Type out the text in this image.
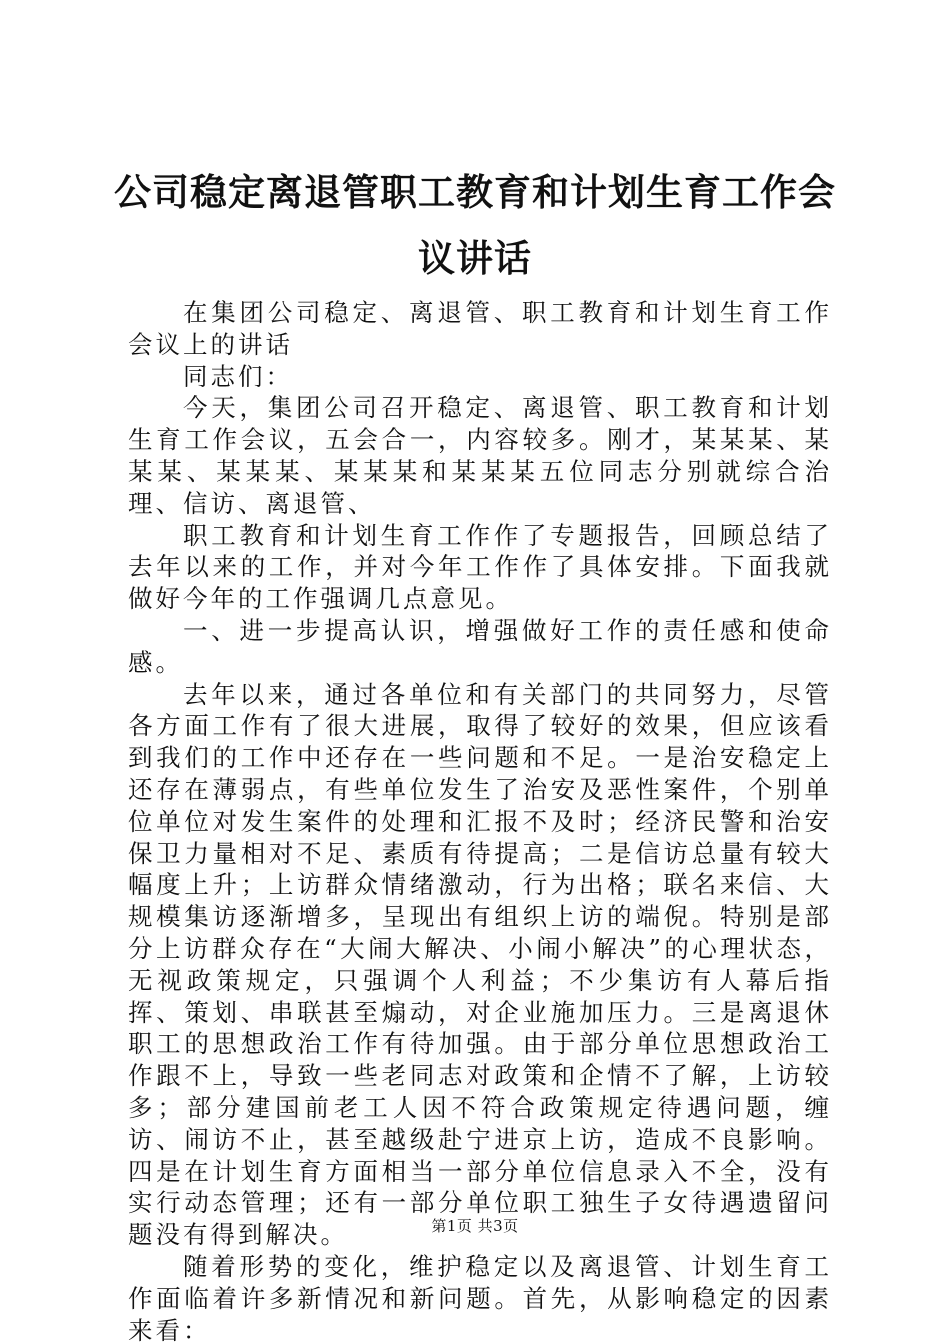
公司稳定离退管职工教育和计划生育工作会议讲话

在集团公司稳定、离退管、职工教育和计划生育工作会议上的讲话

同志们：

今天，集团公司召开稳定、离退管、职工教育和计划生育工作会议，五会合一，内容较多。刚才，某某某、某某某、某某某、某某某和某某某五位同志分别就综合治理、信访、离退管、

职工教育和计划生育工作作了专题报告，回顾总结了去年以来的工作，并对今年工作作了具体安排。下面我就做好今年的工作强调几点意见。

一、进一步提高认识，增强做好工作的责任感和使命感。

去年以来，通过各单位和有关部门的共同努力，尽管各方面工作有了很大进展，取得了较好的效果，但应该看到我们的工作中还存在一些问题和不足。一是治安稳定上还存在薄弱点，有些单位发生了治安及恶性案件，个别单位单位对发生案件的处理和汇报不及时；经济民警和治安保卫力量相对不足、素质有待提高；二是信访总量有较大幅度上升；上访群众情绪激动，行为出格；联名来信、大规模集访逐渐增多，呈现出有组织上访的端倪。特别是部分上访群众存在“大闹大解决、小闹小解决”的心理状态，无视政策规定，只强调个人利益；不少集访有人幕后指挥、策划、串联甚至煽动，对企业施加压力。三是离退休职工的思想政治工作有待加强。由于部分单位思想政治工作跟不上，导致一些老同志对政策和企情不了解，上访较多；部分建国前老工人因不符合政策规定待遇问题，缠访、闹访不止，甚至越级赴宁进京上访，造成不良影响。四是在计划生育方面相当一部分单位信息录入不全，没有实行动态管理；还有一部分单位职工独生子女待遇遗留问题没有得到解决。

随着形势的变化，维护稳定以及离退管、计划生育工作面临着许多新情况和新问题。首先，从影响稳定的因素来看：

第1页 共3页
